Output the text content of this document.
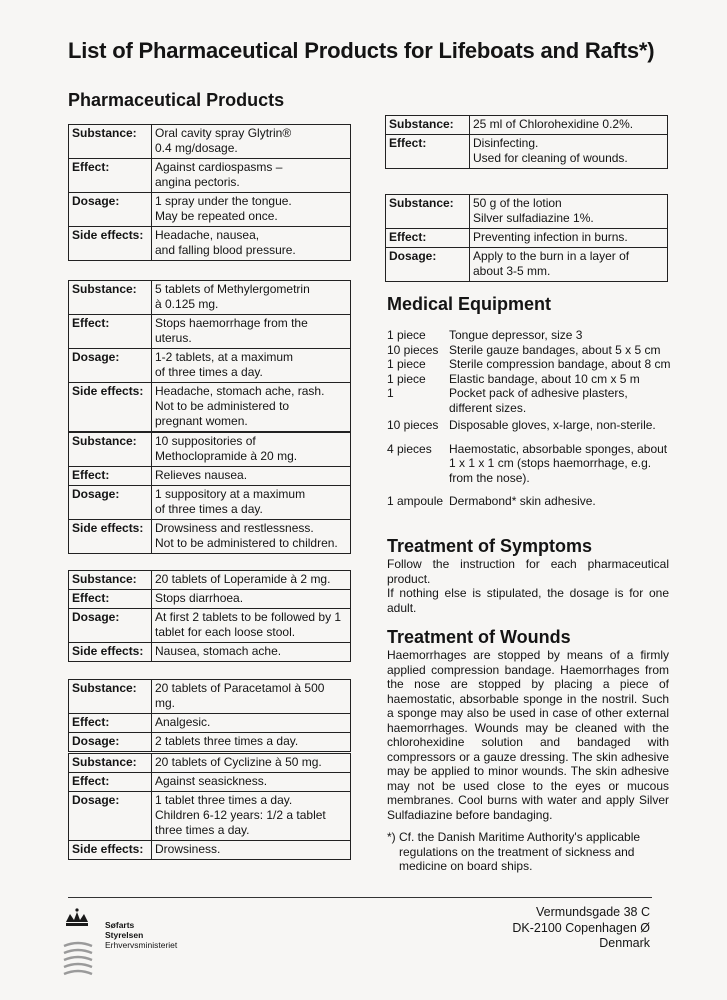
List of Pharmaceutical Products for Lifeboats and Rafts*)
Pharmaceutical Products
Substance:	Oral cavity spray Glytrin®
0.4 mg/dosage.
Effect:	Against cardiospasms –
angina pectoris.
Dosage:	1 spray under the tongue.
May be repeated once.
Side effects:	Headache, nausea,
and falling blood pressure.
Substance:	5 tablets of Methylergometrin
à 0.125 mg.
Effect:	Stops haemorrhage from the uterus.
Dosage:	1-2 tablets, at a maximum
of three times a day.
Side effects:	Headache, stomach ache, rash.
Not to be administered to
pregnant women.
Substance:	10 suppositories of
Methoclopramide à 20 mg.
Effect:	Relieves nausea.
Dosage:	1 suppository at a maximum
of three times a day.
Side effects:	Drowsiness and restlessness.
Not to be administered to children.
Substance:	20 tablets of Loperamide à 2 mg.
Effect:	Stops diarrhoea.
Dosage:	At first 2 tablets to be followed by 1
tablet for each loose stool.
Side effects:	Nausea, stomach ache.
Substance:	20 tablets of Paracetamol à 500 mg.
Effect:	Analgesic.
Dosage:	2 tablets three times a day.
Substance:	20 tablets of Cyclizine à 50 mg.
Effect:	Against seasickness.
Dosage:	1 tablet three times a day.
Children 6-12 years: 1/2 a tablet
three times a day.
Side effects:	Drowsiness.
Substance:	25 ml of Chlorohexidine 0.2%.
Effect:	Disinfecting.
Used for cleaning of wounds.
Substance:	50 g of the lotion
Silver sulfadiazine 1%.
Effect:	Preventing infection in burns.
Dosage:	Apply to the burn in a layer of
about 3-5 mm.
Medical Equipment
1 piece	Tongue depressor, size 3
10 pieces Sterile gauze bandages, about 5 x 5 cm
1 piece	Sterile compression bandage, about 8 cm
1 piece	Elastic bandage, about 10 cm x 5 m
1	Pocket pack of adhesive plasters,
different sizes.
10 pieces Disposable gloves, x-large, non-sterile.
4 pieces	Haemostatic, absorbable sponges, about
1 x 1 x 1 cm (stops haemorrhage, e.g.
from the nose).
1 ampoule Dermabond* skin adhesive.
Treatment of Symptoms

Follow the instruction for each pharmaceutical product.

If nothing else is stipulated, the dosage is for one adult.

Treatment of Wounds

Haemorrhages are stopped by means of a firmly applied compression bandage. Haemorrhages from the nose are stopped by placing a piece of haemostatic, absorbable sponge in the nostril. Such a sponge may also be used in case of other external haemorrhages. Wounds may be cleaned with the chlorohexidine solution and bandaged with compressors or a gauze dressing. The skin adhesive may be applied to minor wounds. The skin adhesive may not be used close to the eyes or mucous membranes. Cool burns with water and apply Silver Sulfadiazine before bandaging.

*) Cf. the Danish Maritime Authority's applicable regulations on the treatment of sickness and medicine on board ships.
Søfarts
Styrelsen
Erhvervsministeriet
Vermundsgade 38 C
DK-2100 Copenhagen Ø
Denmark
